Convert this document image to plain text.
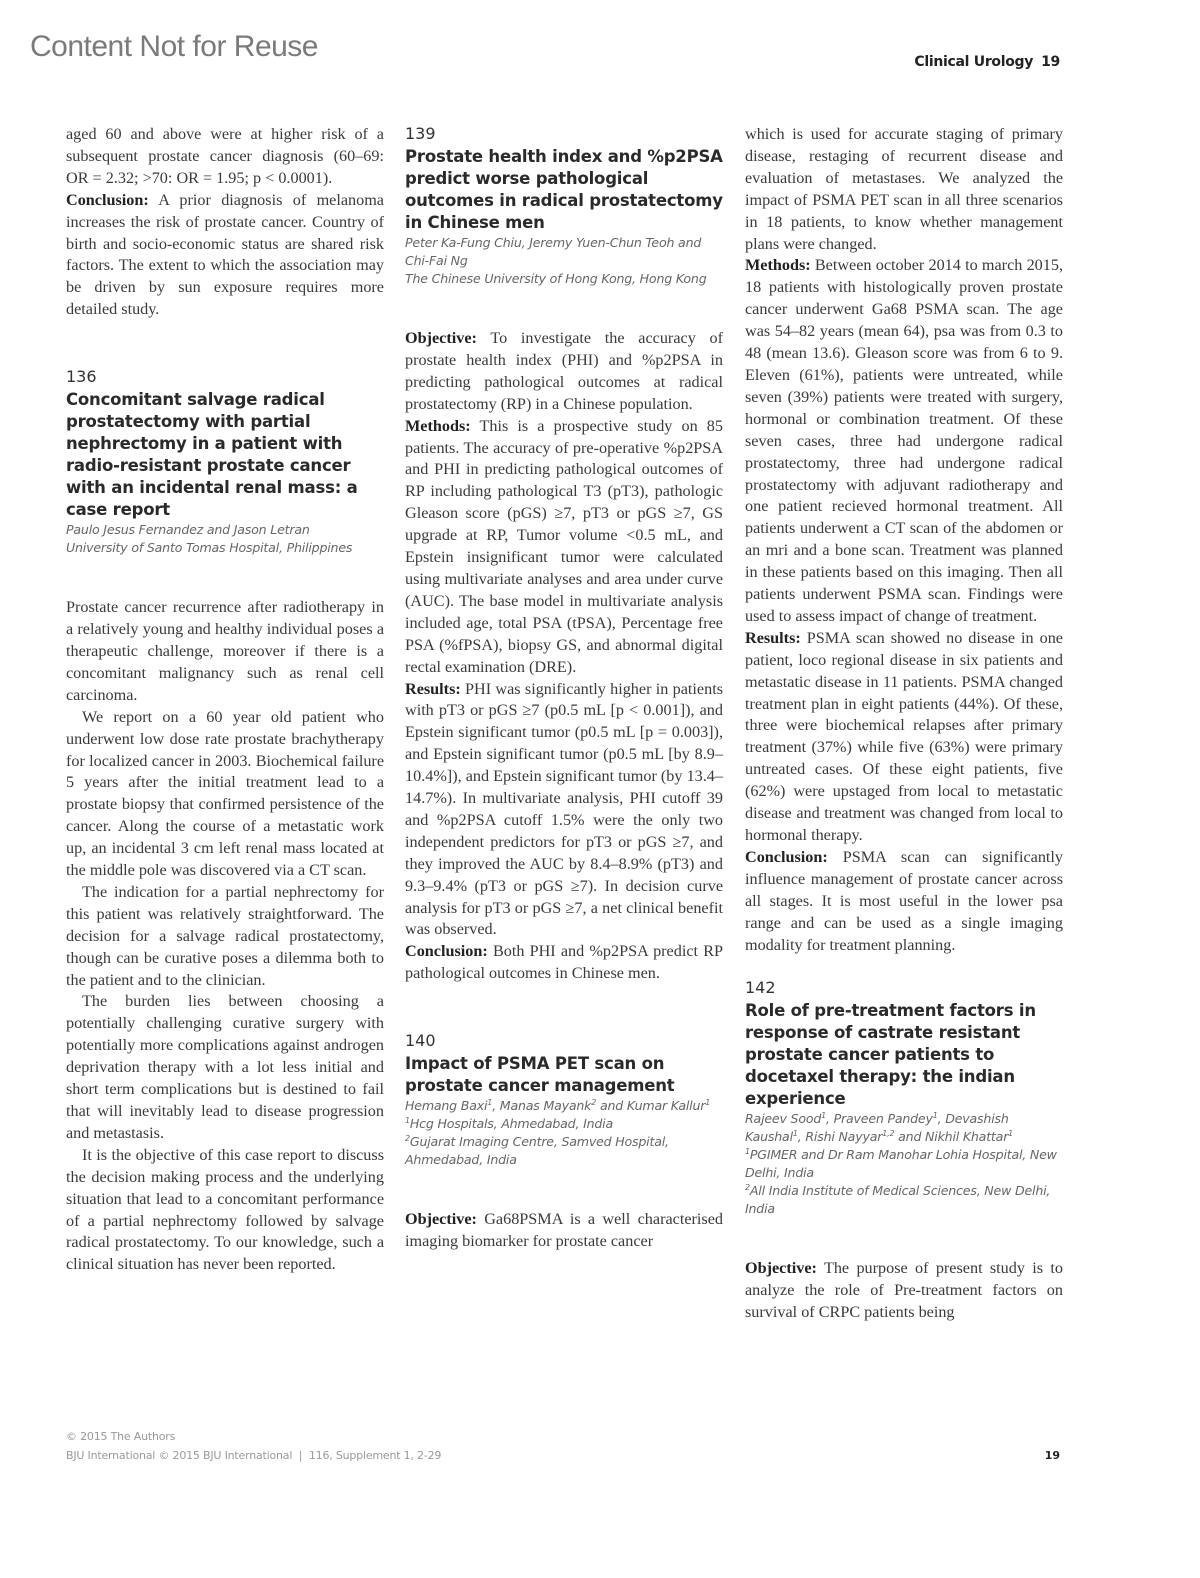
Content Not for Reuse	Clinical Urology 19

aged 60 and above were at higher risk of a subsequent prostate cancer diagnosis (60–69: OR = 2.32; >70: OR = 1.95; p < 0.0001).

Conclusion: A prior diagnosis of melanoma increases the risk of prostate cancer. Country of birth and socio-economic status are shared risk factors. The extent to which the association may be driven by sun exposure requires more detailed study.

136
Concomitant salvage radical prostatectomy with partial nephrectomy in a patient with radio-resistant prostate cancer with an incidental renal mass: a case report
Paulo Jesus Fernandez and Jason Letran
University of Santo Tomas Hospital, Philippines

Prostate cancer recurrence after radiotherapy in a relatively young and healthy individual poses a therapeutic challenge, moreover if there is a concomitant malignancy such as renal cell carcinoma.

We report on a 60 year old patient who underwent low dose rate prostate brachytherapy for localized cancer in 2003. Biochemical failure 5 years after the initial treatment lead to a prostate biopsy that confirmed persistence of the cancer. Along the course of a metastatic work up, an incidental 3 cm left renal mass located at the middle pole was discovered via a CT scan.

The indication for a partial nephrectomy for this patient was relatively straightforward. The decision for a salvage radical prostatectomy, though can be curative poses a dilemma both to the patient and to the clinician.

The burden lies between choosing a potentially challenging curative surgery with potentially more complications against androgen deprivation therapy with a lot less initial and short term complications but is destined to fail that will inevitably lead to disease progression and metastasis.

It is the objective of this case report to discuss the decision making process and the underlying situation that lead to a concomitant performance of a partial nephrectomy followed by salvage radical prostatectomy. To our knowledge, such a clinical situation has never been reported.

139
Prostate health index and %p2PSA predict worse pathological outcomes in radical prostatectomy in Chinese men
Peter Ka-Fung Chiu, Jeremy Yuen-Chun Teoh and Chi-Fai Ng
The Chinese University of Hong Kong, Hong Kong

Objective: To investigate the accuracy of prostate health index (PHI) and %p2PSA in predicting pathological outcomes at radical prostatectomy (RP) in a Chinese population.

Methods: This is a prospective study on 85 patients. The accuracy of pre-operative %p2PSA and PHI in predicting pathological outcomes of RP including pathological T3 (pT3), pathologic Gleason score (pGS) ≥7, pT3 or pGS ≥7, GS upgrade at RP, Tumor volume <0.5 mL, and Epstein insignificant tumor were calculated using multivariate analyses and area under curve (AUC). The base model in multivariate analysis included age, total PSA (tPSA), Percentage free PSA (%fPSA), biopsy GS, and abnormal digital rectal examination (DRE).

Results: PHI was significantly higher in patients with pT3 or pGS ≥7 (p0.5 mL [p < 0.001]), and Epstein significant tumor (p0.5 mL [p = 0.003]), and Epstein significant tumor (p0.5 mL [by 8.9–10.4%]), and Epstein significant tumor (by 13.4–14.7%). In multivariate analysis, PHI cutoff 39 and %p2PSA cutoff 1.5% were the only two independent predictors for pT3 or pGS ≥7, and they improved the AUC by 8.4–8.9% (pT3) and 9.3–9.4% (pT3 or pGS ≥7). In decision curve analysis for pT3 or pGS ≥7, a net clinical benefit was observed.

Conclusion: Both PHI and %p2PSA predict RP pathological outcomes in Chinese men.

140
Impact of PSMA PET scan on prostate cancer management
Hemang Baxi$^1$, Manas Mayank$^2$ and Kumar Kallur$^1$
$^1$Hcg Hospitals, Ahmedabad, India
$^2$Gujarat Imaging Centre, Samved Hospital, Ahmedabad, India

Objective: Ga68PSMA is a well characterised imaging biomarker for prostate cancer

which is used for accurate staging of primary disease, restaging of recurrent disease and evaluation of metastases. We analyzed the impact of PSMA PET scan in all three scenarios in 18 patients, to know whether management plans were changed.

Methods: Between october 2014 to march 2015, 18 patients with histologically proven prostate cancer underwent Ga68 PSMA scan. The age was 54–82 years (mean 64), psa was from 0.3 to 48 (mean 13.6). Gleason score was from 6 to 9. Eleven (61%), patients were untreated, while seven (39%) patients were treated with surgery, hormonal or combination treatment. Of these seven cases, three had undergone radical prostatectomy, three had undergone radical prostatectomy with adjuvant radiotherapy and one patient recieved hormonal treatment. All patients underwent a CT scan of the abdomen or an mri and a bone scan. Treatment was planned in these patients based on this imaging. Then all patients underwent PSMA scan. Findings were used to assess impact of change of treatment.

Results: PSMA scan showed no disease in one patient, loco regional disease in six patients and metastatic disease in 11 patients. PSMA changed treatment plan in eight patients (44%). Of these, three were biochemical relapses after primary treatment (37%) while five (63%) were primary untreated cases. Of these eight patients, five (62%) were upstaged from local to metastatic disease and treatment was changed from local to hormonal therapy.

Conclusion: PSMA scan can significantly influence management of prostate cancer across all stages. It is most useful in the lower psa range and can be used as a single imaging modality for treatment planning.

142
Role of pre-treatment factors in response of castrate resistant prostate cancer patients to docetaxel therapy: the indian experience
Rajeev Sood$^1$, Praveen Pandey$^1$, Devashish Kaushal$^1$, Rishi Nayyar$^{1,2}$ and Nikhil Khattar$^1$
$^1$PGIMER and Dr Ram Manohar Lohia Hospital, New Delhi, India
$^2$All India Institute of Medical Sciences, New Delhi, India

Objective: The purpose of present study is to analyze the role of Pre-treatment factors on survival of CRPC patients being

© 2015 The Authors
BJU International © 2015 BJU International  |  116, Supplement 1, 2-29	19
